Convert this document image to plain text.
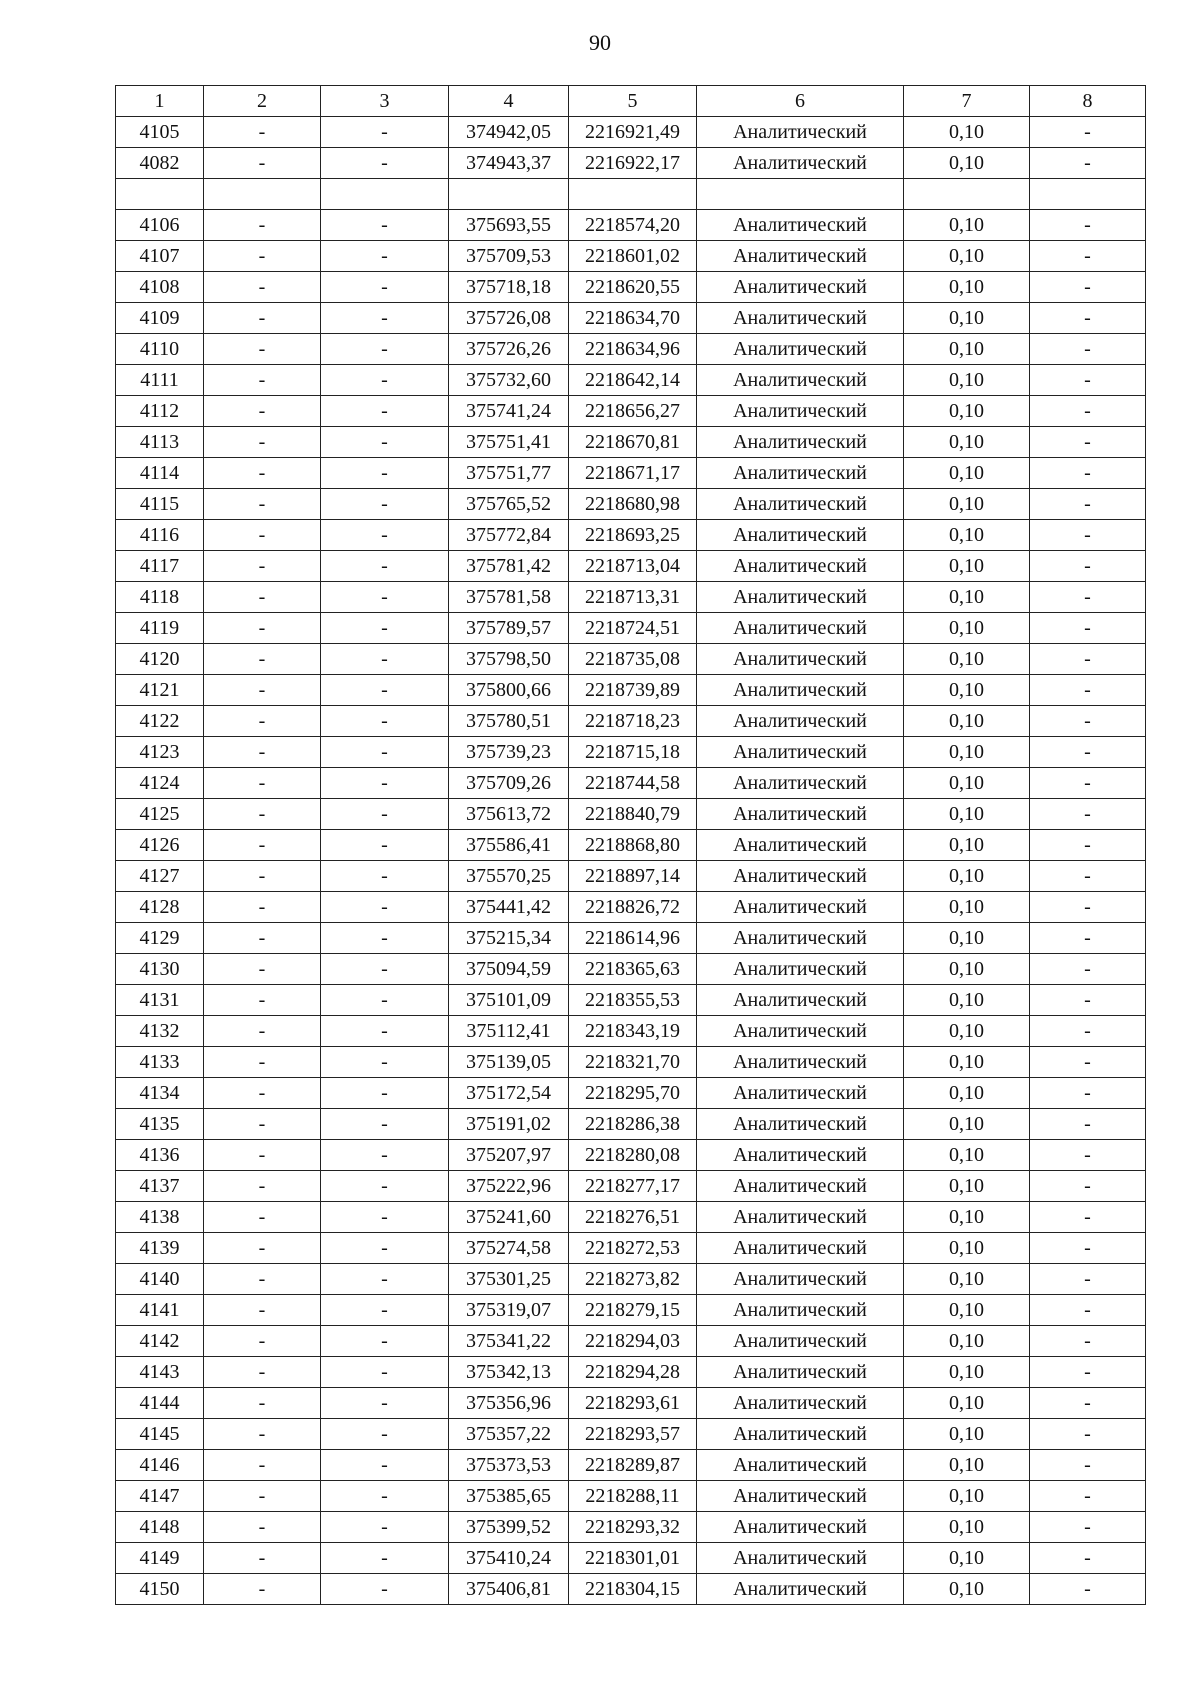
90
1	2	3	4	5	6	7	8
4105	-	-	374942,05	2216921,49	Аналитический	0,10	-
4082	-	-	374943,37	2216922,17	Аналитический	0,10	-

4106	-	-	375693,55	2218574,20	Аналитический	0,10	-
4107	-	-	375709,53	2218601,02	Аналитический	0,10	-
4108	-	-	375718,18	2218620,55	Аналитический	0,10	-
4109	-	-	375726,08	2218634,70	Аналитический	0,10	-
4110	-	-	375726,26	2218634,96	Аналитический	0,10	-
4111	-	-	375732,60	2218642,14	Аналитический	0,10	-
4112	-	-	375741,24	2218656,27	Аналитический	0,10	-
4113	-	-	375751,41	2218670,81	Аналитический	0,10	-
4114	-	-	375751,77	2218671,17	Аналитический	0,10	-
4115	-	-	375765,52	2218680,98	Аналитический	0,10	-
4116	-	-	375772,84	2218693,25	Аналитический	0,10	-
4117	-	-	375781,42	2218713,04	Аналитический	0,10	-
4118	-	-	375781,58	2218713,31	Аналитический	0,10	-
4119	-	-	375789,57	2218724,51	Аналитический	0,10	-
4120	-	-	375798,50	2218735,08	Аналитический	0,10	-
4121	-	-	375800,66	2218739,89	Аналитический	0,10	-
4122	-	-	375780,51	2218718,23	Аналитический	0,10	-
4123	-	-	375739,23	2218715,18	Аналитический	0,10	-
4124	-	-	375709,26	2218744,58	Аналитический	0,10	-
4125	-	-	375613,72	2218840,79	Аналитический	0,10	-
4126	-	-	375586,41	2218868,80	Аналитический	0,10	-
4127	-	-	375570,25	2218897,14	Аналитический	0,10	-
4128	-	-	375441,42	2218826,72	Аналитический	0,10	-
4129	-	-	375215,34	2218614,96	Аналитический	0,10	-
4130	-	-	375094,59	2218365,63	Аналитический	0,10	-
4131	-	-	375101,09	2218355,53	Аналитический	0,10	-
4132	-	-	375112,41	2218343,19	Аналитический	0,10	-
4133	-	-	375139,05	2218321,70	Аналитический	0,10	-
4134	-	-	375172,54	2218295,70	Аналитический	0,10	-
4135	-	-	375191,02	2218286,38	Аналитический	0,10	-
4136	-	-	375207,97	2218280,08	Аналитический	0,10	-
4137	-	-	375222,96	2218277,17	Аналитический	0,10	-
4138	-	-	375241,60	2218276,51	Аналитический	0,10	-
4139	-	-	375274,58	2218272,53	Аналитический	0,10	-
4140	-	-	375301,25	2218273,82	Аналитический	0,10	-
4141	-	-	375319,07	2218279,15	Аналитический	0,10	-
4142	-	-	375341,22	2218294,03	Аналитический	0,10	-
4143	-	-	375342,13	2218294,28	Аналитический	0,10	-
4144	-	-	375356,96	2218293,61	Аналитический	0,10	-
4145	-	-	375357,22	2218293,57	Аналитический	0,10	-
4146	-	-	375373,53	2218289,87	Аналитический	0,10	-
4147	-	-	375385,65	2218288,11	Аналитический	0,10	-
4148	-	-	375399,52	2218293,32	Аналитический	0,10	-
4149	-	-	375410,24	2218301,01	Аналитический	0,10	-
4150	-	-	375406,81	2218304,15	Аналитический	0,10	-
